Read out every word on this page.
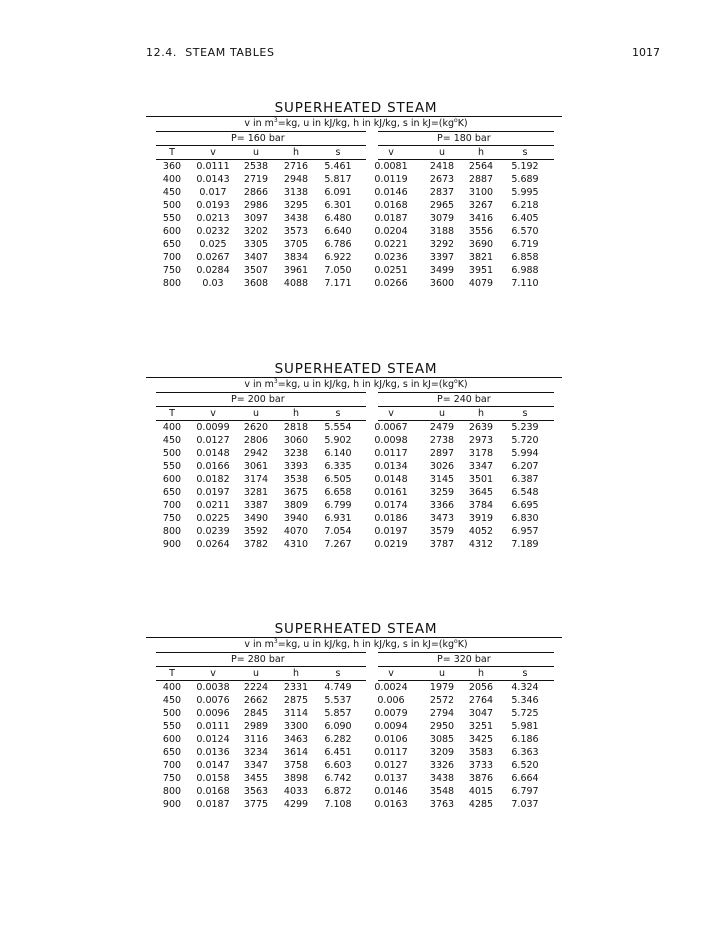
12.4. STEAM TABLES	1017
SUPERHEATED STEAM
v in $m^3=kg$, u in kJ/kg, h in kJ/kg, s in $kJ=(kg^oK)$
P= 160 bar	P= 180 bar
T	v	u	h	s	v	u	h	s
360	0.0111	2538	2716	5.461	0.0081	2418	2564	5.192
400	0.0143	2719	2948	5.817	0.0119	2673	2887	5.689
450	0.017	2866	3138	6.091	0.0146	2837	3100	5.995
500	0.0193	2986	3295	6.301	0.0168	2965	3267	6.218
550	0.0213	3097	3438	6.480	0.0187	3079	3416	6.405
600	0.0232	3202	3573	6.640	0.0204	3188	3556	6.570
650	0.025	3305	3705	6.786	0.0221	3292	3690	6.719
700	0.0267	3407	3834	6.922	0.0236	3397	3821	6.858
750	0.0284	3507	3961	7.050	0.0251	3499	3951	6.988
800	0.03	3608	4088	7.171	0.0266	3600	4079	7.110
SUPERHEATED STEAM
v in $m^3=kg$, u in kJ/kg, h in kJ/kg, s in $kJ=(kg^oK)$
P= 200 bar	P= 240 bar
T	v	u	h	s	v	u	h	s
400	0.0099	2620	2818	5.554	0.0067	2479	2639	5.239
450	0.0127	2806	3060	5.902	0.0098	2738	2973	5.720
500	0.0148	2942	3238	6.140	0.0117	2897	3178	5.994
550	0.0166	3061	3393	6.335	0.0134	3026	3347	6.207
600	0.0182	3174	3538	6.505	0.0148	3145	3501	6.387
650	0.0197	3281	3675	6.658	0.0161	3259	3645	6.548
700	0.0211	3387	3809	6.799	0.0174	3366	3784	6.695
750	0.0225	3490	3940	6.931	0.0186	3473	3919	6.830
800	0.0239	3592	4070	7.054	0.0197	3579	4052	6.957
900	0.0264	3782	4310	7.267	0.0219	3787	4312	7.189
SUPERHEATED STEAM
v in $m^3=kg$, u in kJ/kg, h in kJ/kg, s in $kJ=(kg^oK)$
P= 280 bar	P= 320 bar
T	v	u	h	s	v	u	h	s
400	0.0038	2224	2331	4.749	0.0024	1979	2056	4.324
450	0.0076	2662	2875	5.537	0.006	2572	2764	5.346
500	0.0096	2845	3114	5.857	0.0079	2794	3047	5.725
550	0.0111	2989	3300	6.090	0.0094	2950	3251	5.981
600	0.0124	3116	3463	6.282	0.0106	3085	3425	6.186
650	0.0136	3234	3614	6.451	0.0117	3209	3583	6.363
700	0.0147	3347	3758	6.603	0.0127	3326	3733	6.520
750	0.0158	3455	3898	6.742	0.0137	3438	3876	6.664
800	0.0168	3563	4033	6.872	0.0146	3548	4015	6.797
900	0.0187	3775	4299	7.108	0.0163	3763	4285	7.037
